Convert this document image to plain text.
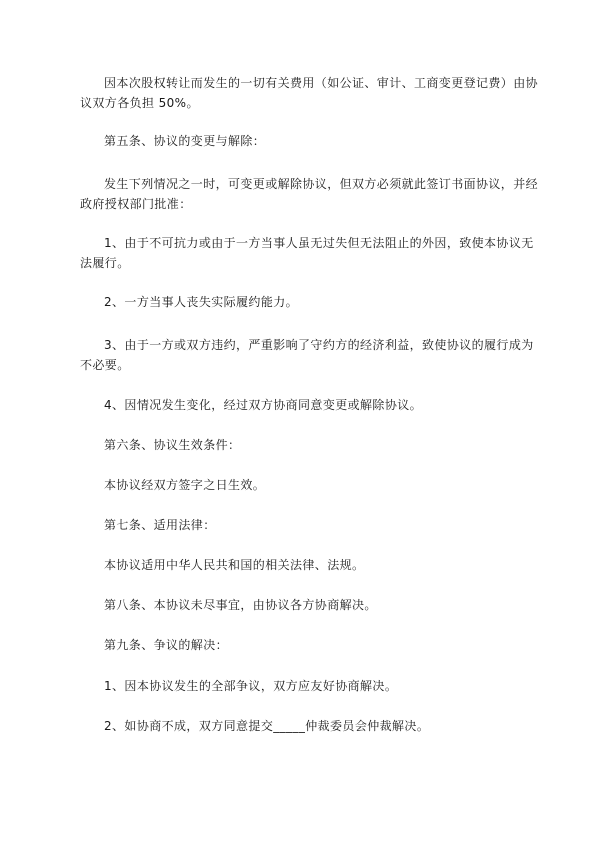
因本次股权转让而发生的一切有关费用（如公证、审计、工商变更登记费）由协
议双方各负担 50%。
第五条、协议的变更与解除：
发生下列情况之一时，可变更或解除协议，但双方必须就此签订书面协议，并经
政府授权部门批准：
1、由于不可抗力或由于一方当事人虽无过失但无法阻止的外因，致使本协议无
法履行。
2、一方当事人丧失实际履约能力。
3、由于一方或双方违约，严重影响了守约方的经济利益，致使协议的履行成为
不必要。
4、因情况发生变化，经过双方协商同意变更或解除协议。
第六条、协议生效条件：
本协议经双方签字之日生效。
第七条、适用法律：
本协议适用中华人民共和国的相关法律、法规。
第八条、本协议未尽事宜，由协议各方协商解决。
第九条、争议的解决：
1、因本协议发生的全部争议，双方应友好协商解决。
2、如协商不成，双方同意提交_____仲裁委员会仲裁解决。
